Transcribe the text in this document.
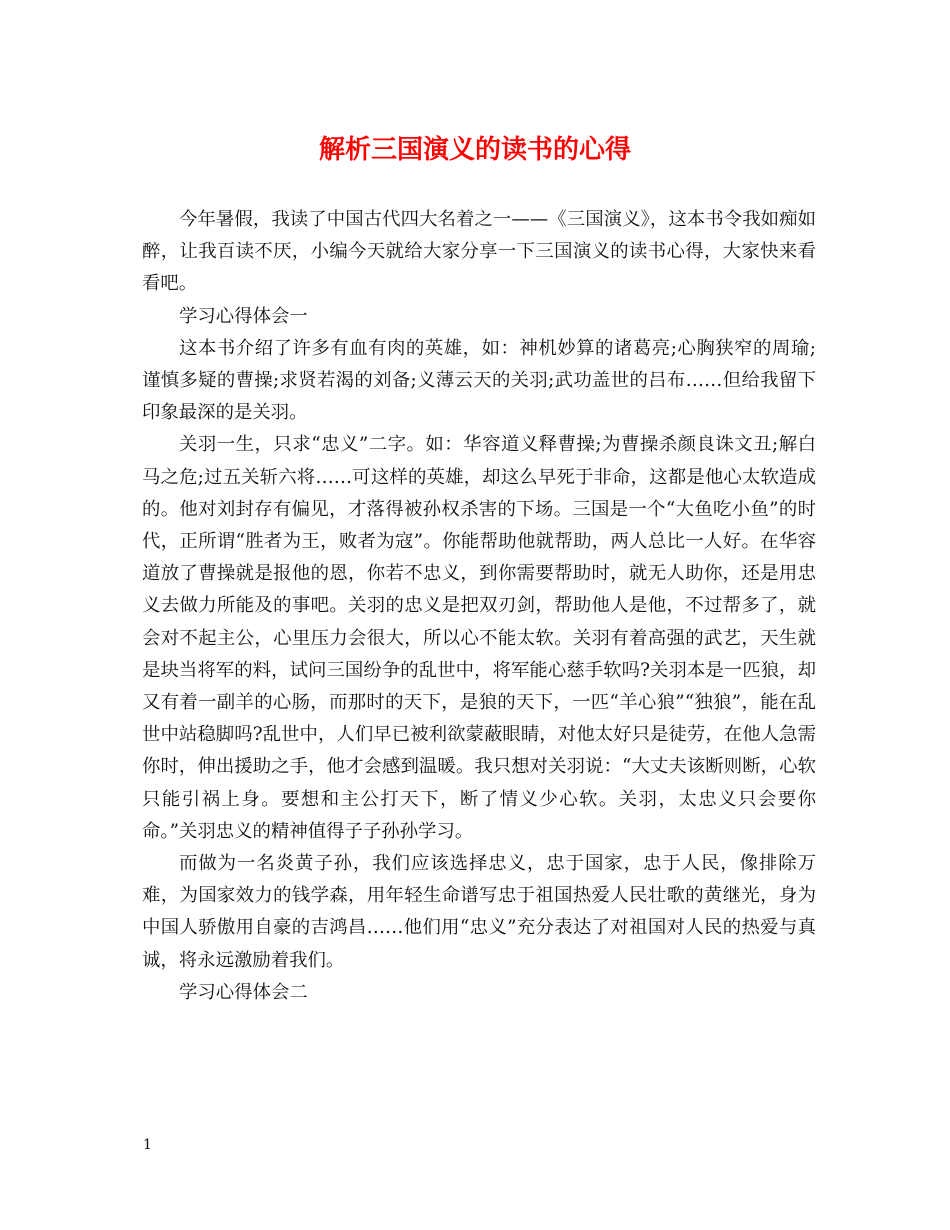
解析三国演义的读书的心得

今年暑假，我读了中国古代四大名着之一——《三国演义》，这本书令我如痴如醉，让我百读不厌，小编今天就给大家分享一下三国演义的读书心得，大家快来看看吧。

学习心得体会一

这本书介绍了许多有血有肉的英雄，如：神机妙算的诸葛亮;心胸狭窄的周瑜;谨慎多疑的曹操;求贤若渴的刘备;义薄云天的关羽;武功盖世的吕布……但给我留下印象最深的是关羽。

关羽一生，只求“忠义”二字。如：华容道义释曹操;为曹操杀颜良诛文丑;解白马之危;过五关斩六将……可这样的英雄，却这么早死于非命，这都是他心太软造成的。他对刘封存有偏见，才落得被孙权杀害的下场。三国是一个“大鱼吃小鱼”的时代，正所谓“胜者为王，败者为寇”。你能帮助他就帮助，两人总比一人好。在华容道放了曹操就是报他的恩，你若不忠义，到你需要帮助时，就无人助你，还是用忠义去做力所能及的事吧。关羽的忠义是把双刃剑，帮助他人是他，不过帮多了，就会对不起主公，心里压力会很大，所以心不能太软。关羽有着高强的武艺，天生就是块当将军的料，试问三国纷争的乱世中，将军能心慈手软吗?关羽本是一匹狼，却又有着一副羊的心肠，而那时的天下，是狼的天下，一匹“羊心狼”“独狼”，能在乱世中站稳脚吗?乱世中，人们早已被利欲蒙蔽眼睛，对他太好只是徒劳，在他人急需你时，伸出援助之手，他才会感到温暖。我只想对关羽说：“大丈夫该断则断，心软只能引祸上身。要想和主公打天下，断了情义少心软。关羽，太忠义只会要你命。”关羽忠义的精神值得子子孙孙学习。

而做为一名炎黄子孙，我们应该选择忠义，忠于国家，忠于人民，像排除万难，为国家效力的钱学森，用年轻生命谱写忠于祖国热爱人民壮歌的黄继光，身为中国人骄傲用自豪的吉鸿昌……他们用“忠义”充分表达了对祖国对人民的热爱与真诚，将永远激励着我们。

学习心得体会二

1
